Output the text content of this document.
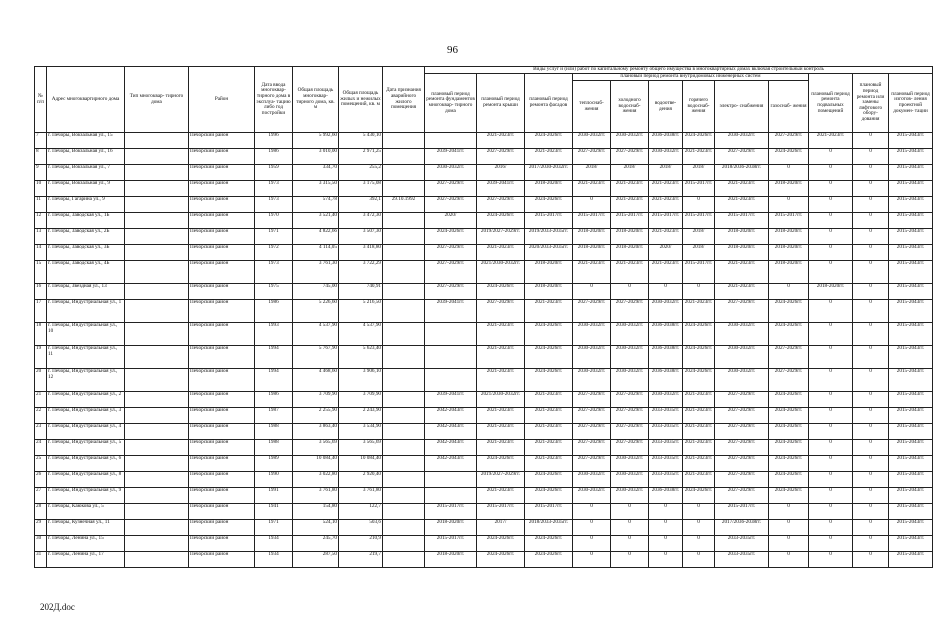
96
№ п/п	Адрес многоквартирного дома	Тип многоквар- тирного дома	Район	Дата ввода многоквар- тирного дома в эксплуа- тацию либо год постройки	Общая площадь многоквар- тирного дома, кв. м	Общая площадь жилых и нежилых помещений, кв. м	Дата признания аварийного жилого помещения	Виды услуг и (или) работ по капитальному ремонту общего имущества в многоквартирных домах включая строительный контроль											
								плановый период ремонта фундаментов многоквар- тирного дома	плановый период ремонта крыши	плановый период ремонта фасадов	плановый период ремонта внутридомовых инженерных систем						плановый период ремонта подвальных помещений	плановый период ремонта или замены лифтового обору- дования	плановый период изготов- ления проектной докумен- тации
											теплоснаб- жения	холодного водоснаб- жения	водоотве- дения	горячего водоснаб- жения	электро- снабжения	газоснаб- жения			
7	г. Печоры, Вокзальная ул., 15		Печорский район	1996	5 992,60	5 430,10			2021-2023гг.	2024-2026гг.	2030-2032гг.	2030-2032гг.	2036-2038гг.	2024-2026гг.	2030-2032гг.	2027-2029гг.	2021-2023гг.	0	2015-2043гг.
8	г. Печоры, Вокзальная ул., 16		Печорский район	1986	3 010,00	2 971,25		2039-2041гг.	2027-2029гг.	2021-2023гг.	2027-2029гг.	2027-2029гг.	2030-2032гг.	2021-2023гг.	2027-2029гг.	2024-2026гг.	0	0	2015-2043гг.
9	г. Печоры, Вокзальная ул., 7		Печорский район	1959	334,70	255,2		2030-2032гг.	2016/	2017/2030-2032гг.	2018/	2018/	2018/	2018/	2018/2036-2038гг.	0	0	0	2015-2043гг.
10	г. Печоры, Вокзальная ул., 9		Печорский район	1973	3 315,50	3 175,08		2027-2029гг.	2039-2041гг.	2018-2020гг.	2021-2023гг.	2021-2023гг.	2021-2023гг.	2015-2017гг.	2021-2023гг.	2018-2020гг.	0	0	2015-2043гг.
11	г. Печоры, Гагарина ул., 9		Печорский район	1973	574,78	392,1	29.10.1992	2027-2029гг.	2027-2029гг.	2024-2026гг.	0	2021-2023гг.	2021-2023гг.	0	2021-2023гг.	0	0	0	2015-2043гг.
12	г. Печоры, Заводская ул., 1Б		Печорский район	1970	3 521,40	3 472,30		2020/	2024-2026гг.	2015-2017гг.	2015-2017гг.	2015-2017гг.	2015-2017гг.	2015-2017гг.	2015-2017гг.	2015-2017гг.	0	0	2015-2043гг.
13	г. Печоры, Заводская ул., 2Б		Печорский район	1971	4 822,66	3 507,30		2024-2026гг.	2019/2027-2029гг.	2019/2033-2035гг.	2018-2020гг.	2018-2020гг.	2021-2023гг.	2018/	2018-2020гг.	2018-2020гг.	0	0	2015-2043гг.
14	г. Печоры, Заводская ул., 3Б		Печорский район	1972	4 114,05	3 418,80		2027-2029гг.	2021-2023гг.	2020/2033-2035гг.	2018-2020гг.	2018-2020гг.	2020/	2018/	2018-2020гг.	2018-2020гг.	0	0	2015-2043гг.
15	г. Печоры, Заводская ул., 4Б		Печорский район	1973	3 761,30	3 722,29		2027-2029гг.	2021/2030-2032гг.	2018-2020гг.	2021-2023гг.	2021-2023гг.	2021-2023гг.	2015-2017гг.	2021-2023гг.	2018-2020гг.	0	0	2015-2043гг.
16	г. Печоры, Звездная ул., 13		Печорский район	1975	745,00	740,91		2027-2029гг.	2024-2026гг.	2018-2020гг.	0	0	0	0	2021-2023гг.	0	2018-2020гг.	0	2015-2043гг.
17	г. Печоры, Индустриальная ул., 1		Печорский район	1986	5 226,60	5 216,50		2039-2041гг.	2027-2029гг.	2021-2023гг.	2027-2029гг.	2027-2029гг.	2030-2032гг.	2021-2023гг.	2027-2029гг.	2024-2026гг.	0	0	2015-2043гг.
18	г. Печоры, Индустриальная ул., 10		Печорский район	1993	4 537,90	4 537,90			2021-2023гг.	2024-2026гг.	2030-2032гг.	2030-2032гг.	2036-2038гг.	2024-2026гг.	2030-2032гг.	2024-2026гг.	0	0	2015-2043гг.
19	г. Печоры, Индустриальная ул., 11		Печорский район	1994	5 767,90	5 623,40			2021-2023гг.	2024-2026гг.	2030-2032гг.	2030-2032гг.	2036-2038гг.	2024-2026гг.	2030-2032гг.	2027-2029гг.	0	0	2015-2043гг.
20	г. Печоры, Индустриальная ул., 12		Печорский район	1994	4 468,60	3 906,10			2021-2023гг.	2024-2026гг.	2030-2032гг.	2030-2032гг.	2036-2038гг.	2024-2026гг.	2030-2032гг.	2027-2029гг.	0	0	2015-2043гг.
21	г. Печоры, Индустриальная ул., 2		Печорский район	1986	3 709,90	3 709,90		2039-2041гг.	2021/2030-2032гг.	2021-2023гг.	2027-2029гг.	2027-2029гг.	2030-2032гг.	2021-2023гг.	2027-2029гг.	2024-2026гг.	0	0	2015-2043гг.
22	г. Печоры, Индустриальная ул., 3		Печорский район	1987	2 255,90	2 243,90		2042-2043гг.	2021-2023гг.	2021-2023гг.	2027-2029гг.	2027-2029гг.	2033-2035гг.	2021-2023гг.	2027-2029гг.	2024-2026гг.	0	0	2015-2043гг.
23	г. Печоры, Индустриальная ул., 4		Печорский район	1988	3 863,40	3 534,90		2042-2043гг.	2021-2023гг.	2021-2023гг.	2027-2029гг.	2027-2029гг.	2033-2035гг.	2021-2023гг.	2027-2029гг.	2024-2026гг.	0	0	2015-2043гг.
24	г. Печоры, Индустриальная ул., 5		Печорский район	1988	3 565,69	3 565,69		2042-2043гг.	2021-2023гг.	2021-2023гг.	2027-2029гг.	2027-2029гг.	2033-2035гг.	2021-2023гг.	2027-2029гг.	2024-2026гг.	0	0	2015-2043гг.
25	г. Печоры, Индустриальная ул., 6		Печорский район	1989	10 084,40	10 084,40		2042-2043гг.	2024-2026гг.	2021-2023гг.	2027-2029гг.	2030-2032гг.	2033-2035гг.	2021-2023гг.	2027-2029гг.	2024-2026гг.	0	0	2015-2043гг.
26	г. Печоры, Индустриальная ул., 8		Печорский район	1990	3 022,80	2 920,40			2019/2027-2029гг.	2024-2026гг.	2030-2032гг.	2030-2032гг.	2033-2035гг.	2021-2023гг.	2027-2029гг.	2024-2026гг.	0	0	2015-2043гг.
27	г. Печоры, Индустриальная ул., 9		Печорский район	1991	3 761,80	3 761,80			2021-2023гг.	2024-2026гг.	2030-2032гг.	2030-2032гг.	2036-2038гг.	2024-2026гг.	2027-2029гг.	2024-2026гг.	0	0	2015-2043гг.
28	г. Печоры, Каюкова ул., 5		Печорский район	1941	154,80	122,7		2015-2017гг.	2015-2017гг.	2015-2017гг.	0	0	0	0	2015-2017гг.	0	0	0	2015-2043гг.
29	г. Печоры, Кузнечная ул., 11		Печорский район	1971	524,10	503,6		2018-2020гг.	2017/	2018/2033-2035гг.	0	0	0	0	2017/2036-2038гг.	0	0	0	2015-2043гг.
30	г. Печоры, Ленина ул., 15		Печорский район	1934	245,70	210,9		2015-2017гг.	2024-2026гг.	2024-2026гг.	0	0	0	0	2033-2035гг.	0	0	0	2015-2043гг.
31	г. Печоры, Ленина ул., 17		Печорский район	1934	287,50	219,7		2018-2020гг.	2024-2026гг.	2024-2026гг.	0	0	0	0	2033-2035гг.	0	0	0	2015-2043гг.
202Д.doc
